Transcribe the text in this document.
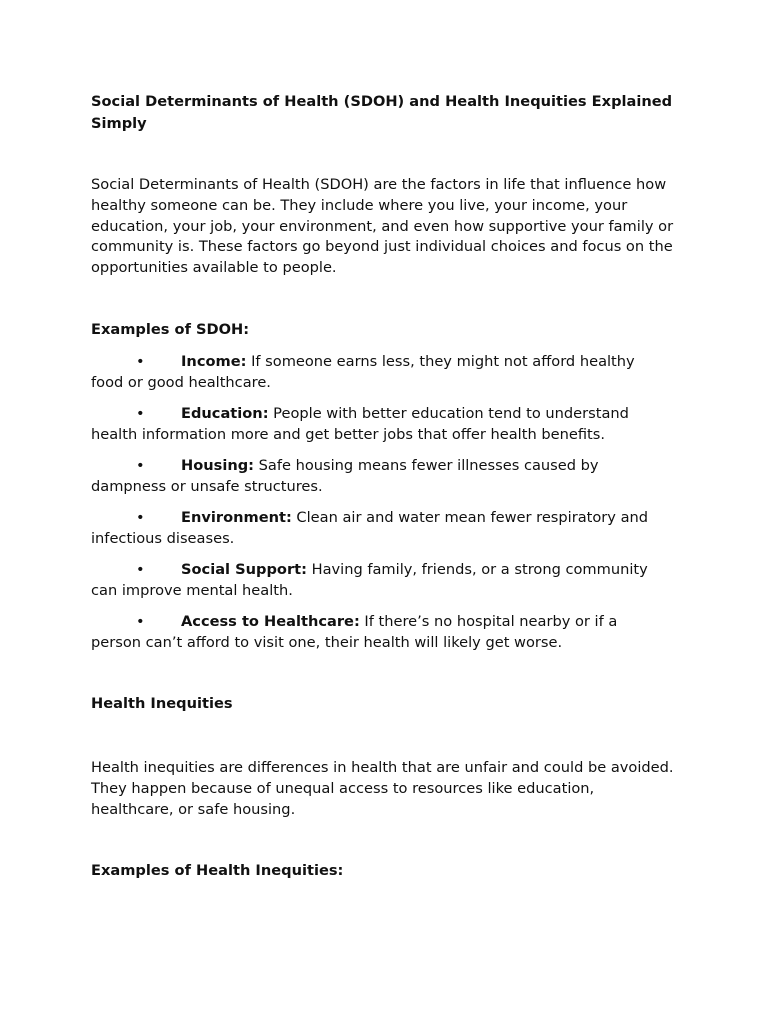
Social Determinants of Health (SDOH) and Health Inequities Explained Simply

Social Determinants of Health (SDOH) are the factors in life that influence how healthy someone can be. They include where you live, your income, your education, your job, your environment, and even how supportive your family or community is. These factors go beyond just individual choices and focus on the opportunities available to people.

Examples of SDOH:

• Income: If someone earns less, they might not afford healthy
food or good healthcare.
• Education: People with better education tend to understand
health information more and get better jobs that offer health benefits.
• Housing: Safe housing means fewer illnesses caused by
dampness or unsafe structures.
• Environment: Clean air and water mean fewer respiratory and
infectious diseases.
• Social Support: Having family, friends, or a strong community
can improve mental health.
• Access to Healthcare: If there’s no hospital nearby or if a
person can’t afford to visit one, their health will likely get worse.

Health Inequities

Health inequities are differences in health that are unfair and could be avoided. They happen because of unequal access to resources like education, healthcare, or safe housing.

Examples of Health Inequities:
